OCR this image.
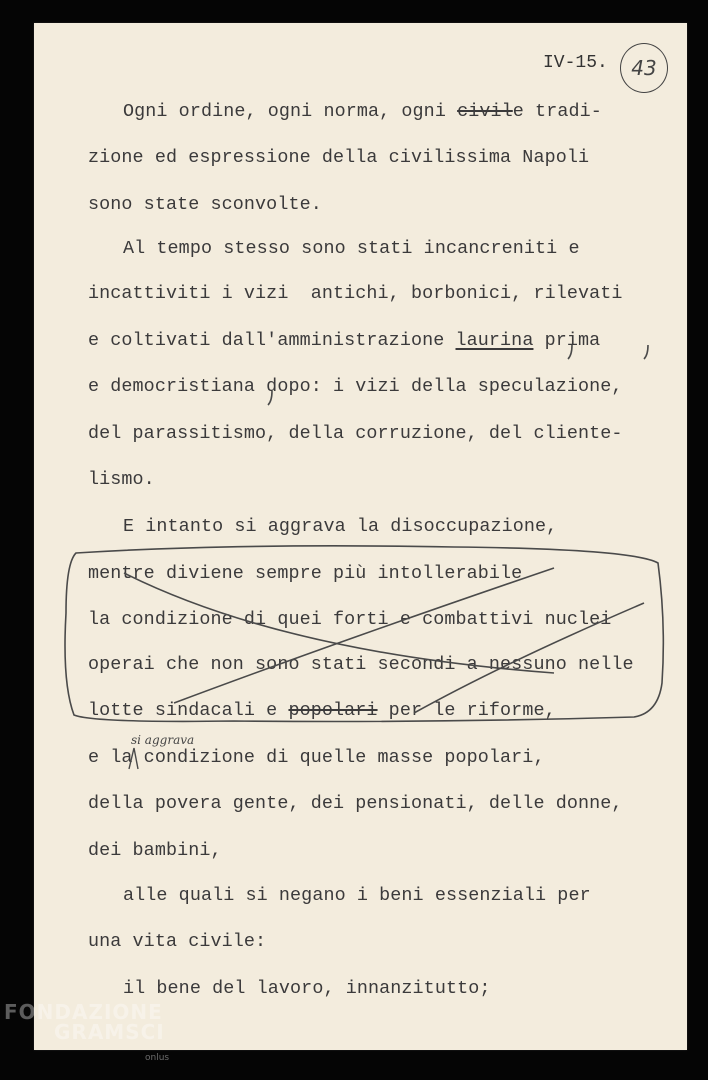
IV-15.	43
Ogni ordine, ogni norma, ogni civile tradi-
zione ed espressione della civilissima Napoli
sono state sconvolte.
Al tempo stesso sono stati incancreniti e
incattiviti i vizi  antichi, borbonici, rilevati
e coltivati dall'amministrazione laurina prima
e democristiana dopo: i vizi della speculazione,
del parassitismo, della corruzione, del cliente-
lismo.
E intanto si aggrava la disoccupazione,
mentre diviene sempre più intollerabile
la condizione di quei forti e combattivi nuclei
operai che non sono stati secondi a nessuno nelle
lotte sindacali e popolari per le riforme,
si aggrava
e la condizione di quelle masse popolari,
della povera gente, dei pensionati, delle donne,
dei bambini,
alle quali si negano i beni essenziali per
una vita civile:
il bene del lavoro, innanzitutto;
FONDAZIONE
GRAMSCI
onlus
